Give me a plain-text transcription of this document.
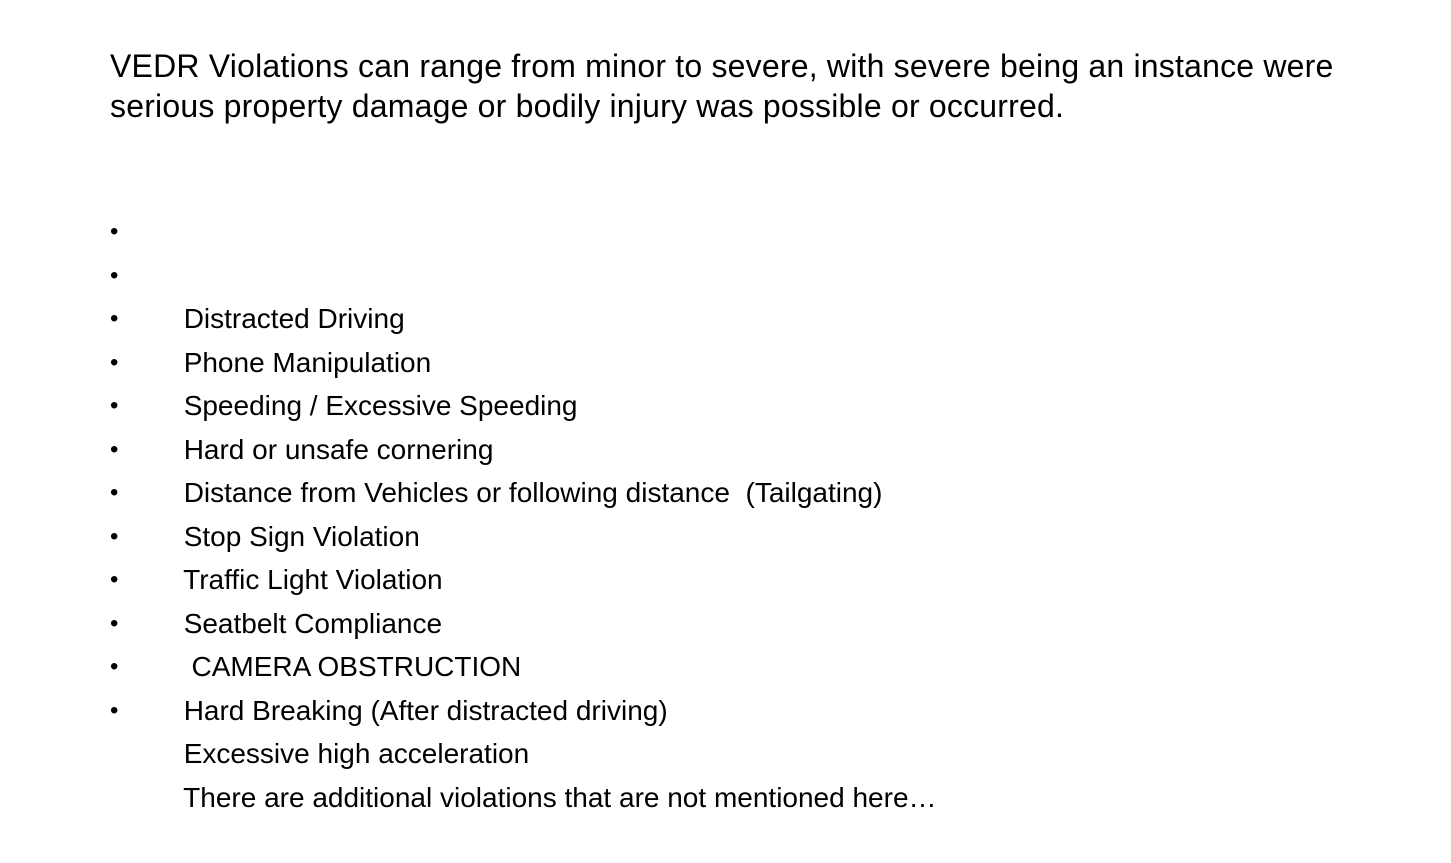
VEDR Violations can range from minor to severe, with severe being an instance were serious property damage or bodily injury was possible or occurred.

•

Distracted Driving

•

Phone Manipulation

•

Speeding / Excessive Speeding

•

Hard or unsafe cornering

•

Distance from Vehicles or following distance  (Tailgating)

•

Stop Sign Violation

•

Traffic Light Violation

•

Seatbelt Compliance

•

CAMERA OBSTRUCTION

•

Hard Breaking (After distracted driving)

•

Excessive high acceleration

•

There are additional violations that are not mentioned here…
